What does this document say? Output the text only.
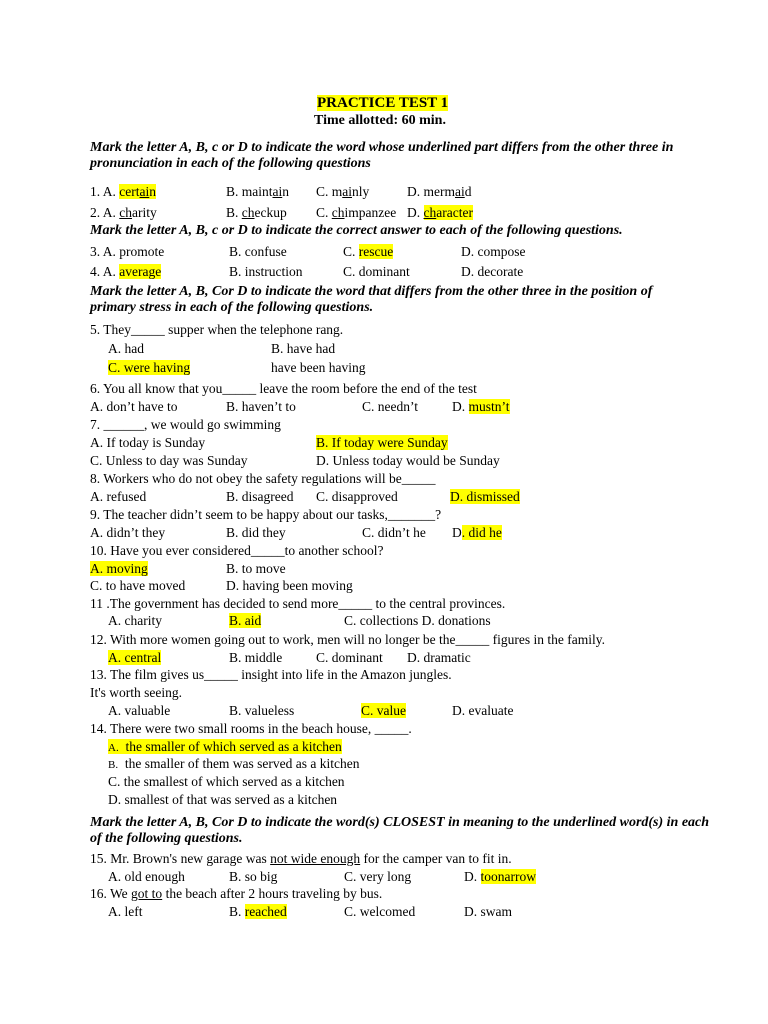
PRACTICE TEST 1
Time allotted: 60 min.
Mark the letter A, B, c or D to indicate the word whose underlined part differs from the other three in pronunciation in each of the following questions
1. A. certain	B. maintain C. mainly	D. mermaid
2. A. charity	B. checkup C. chimpanzee D. character
Mark the letter A, B, c or D to indicate the correct answer to each of the following questions.
3. A. promote	B. confuse	C. rescue	D. compose
4. A. average	B. instruction	C. dominant	D. decorate
Mark the letter A, B, Cor D to indicate the word that differs from the other three in the position of primary stress in each of the following questions.
5. They_____ supper when the telephone rang.
A. had	B. have had
C. were having	have been having
6. You all know that you_____ leave the room before the end of the test
A. don’t have to	B. haven’t to	C. needn’t	D. mustn’t
7. ______, we would go swimming
A. If today is Sunday	B. If today were Sunday
C. Unless to day was Sunday	D. Unless today would be Sunday
8. Workers who do not obey the safety regulations will be_____
A. refused	B. disagreed C. disapproved	D. dismissed
9. The teacher didn’t seem to be happy about our tasks,_______?
A. didn’t they	B. did they	C. didn’t he D. did he
10. Have you ever considered_____to another school?
A. moving	B. to move
C. to have moved	D. having been moving
11 .The government has decided to send more_____ to the central provinces.
A. charity	B. aid	C. collections D. donations
12. With more women going out to work, men will no longer be the_____ figures in the family.
A. central	B. middle	C. dominant D. dramatic
13. The film gives us_____ insight into life in the Amazon jungles.
It's worth seeing.
A. valuable	B. valueless	C. value	D. evaluate
14. There were two small rooms in the beach house, _____.
A. the smaller of which served as a kitchen
B. the smaller of them was served as a kitchen
C. the smallest of which served as a kitchen
D. smallest of that was served as a kitchen
Mark the letter A, B, Cor D to indicate the word(s) CLOSEST in meaning to the underlined word(s) in each of the following questions.
15. Mr. Brown's new garage was not wide enough for the camper van to fit in.
A. old enough	B. so big	C. very long	D. toonarrow
16. We got to the beach after 2 hours traveling by bus.
A. left	B. reached	C. welcomed	D. swam
